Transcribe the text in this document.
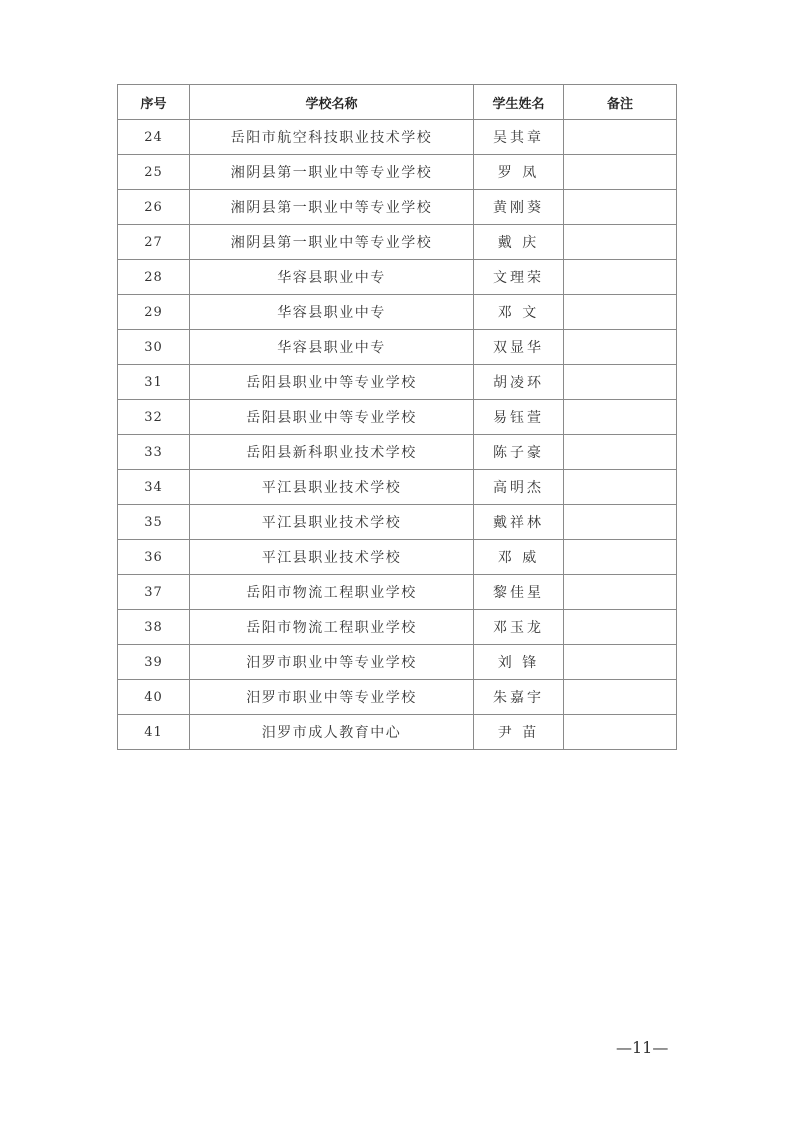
序号	学校名称	学生姓名	备注
24	岳阳市航空科技职业技术学校	吴其章	
25	湘阴县第一职业中等专业学校	罗 凤	
26	湘阴县第一职业中等专业学校	黄刚葵	
27	湘阴县第一职业中等专业学校	戴 庆	
28	华容县职业中专	文理荣	
29	华容县职业中专	邓 文	
30	华容县职业中专	双显华	
31	岳阳县职业中等专业学校	胡凌环	
32	岳阳县职业中等专业学校	易钰萱	
33	岳阳县新科职业技术学校	陈子豪	
34	平江县职业技术学校	高明杰	
35	平江县职业技术学校	戴祥林	
36	平江县职业技术学校	邓 威	
37	岳阳市物流工程职业学校	黎佳星	
38	岳阳市物流工程职业学校	邓玉龙	
39	汨罗市职业中等专业学校	刘 锋	
40	汨罗市职业中等专业学校	朱嘉宇	
41	汨罗市成人教育中心	尹 苗	
—11—
